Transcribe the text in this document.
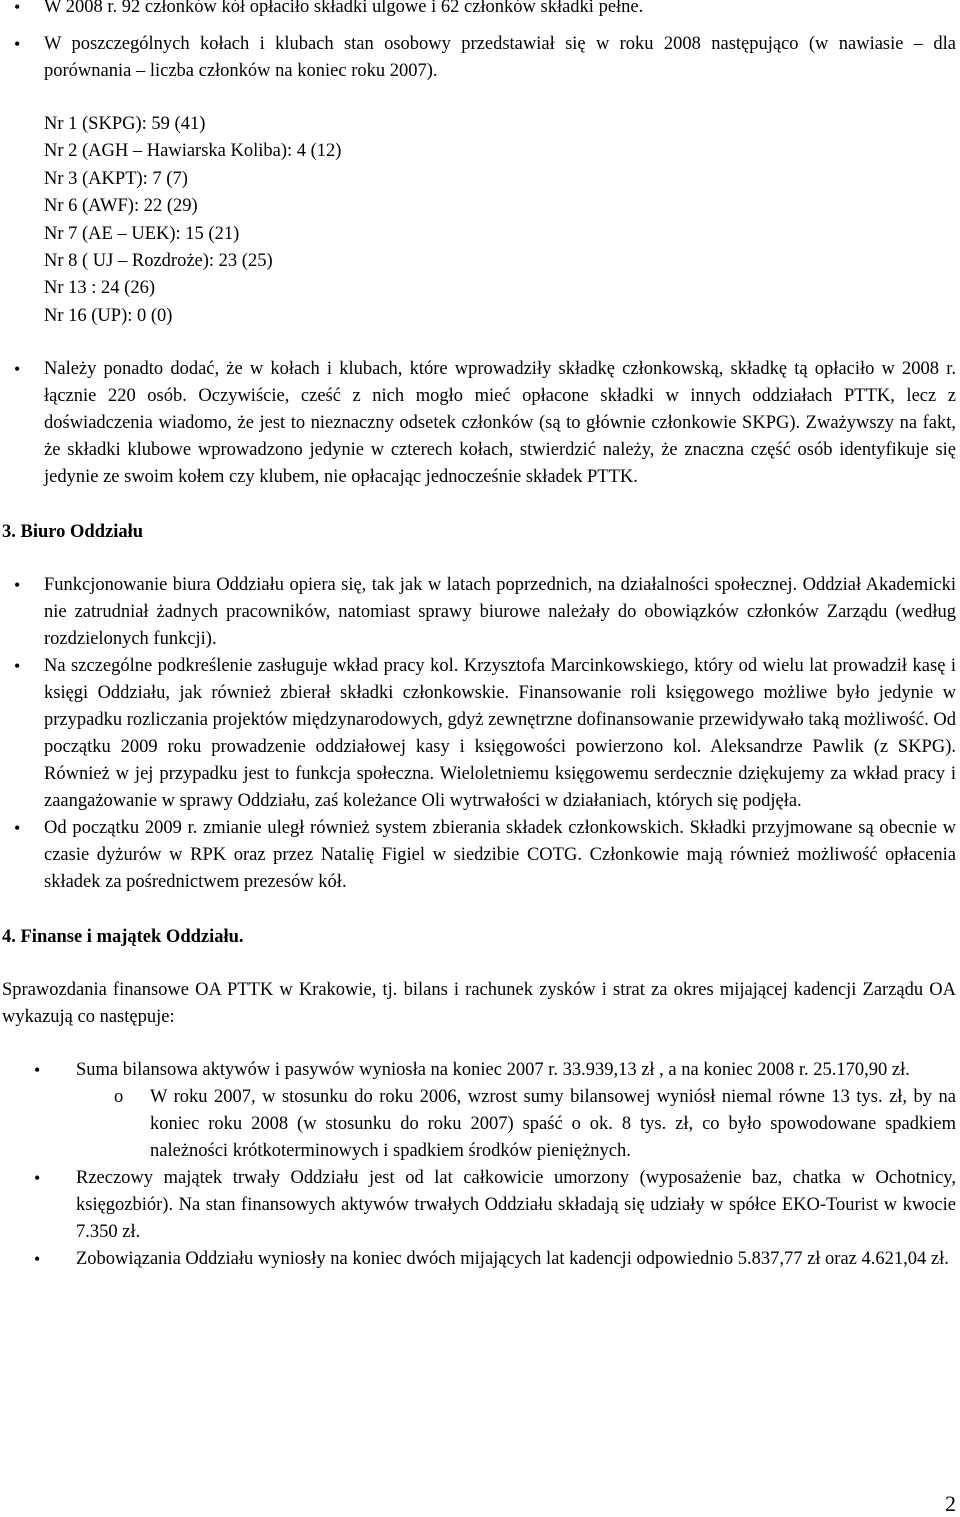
• W 2008 r. 92 członków kół opłaciło składki ulgowe i 62 członków składki pełne.

• W poszczególnych kołach i klubach stan osobowy przedstawiał się w roku 2008 następująco (w nawiasie – dla porównania – liczba członków na koniec roku 2007).

Nr 1 (SKPG): 59 (41)
Nr 2 (AGH – Hawiarska Koliba): 4 (12)
Nr 3 (AKPT): 7 (7)
Nr 6 (AWF): 22 (29)
Nr 7 (AE – UEK): 15 (21)
Nr 8 ( UJ – Rozdroże): 23 (25)
Nr 13 : 24 (26)
Nr 16 (UP): 0 (0)

• Należy ponadto dodać, że w kołach i klubach, które wprowadziły składkę członkowską, składkę tą opłaciło w 2008 r. łącznie 220 osób. Oczywiście, cześć z nich mogło mieć opłacone składki w innych oddziałach PTTK, lecz z doświadczenia wiadomo, że jest to nieznaczny odsetek członków (są to głównie członkowie SKPG). Zważywszy na fakt, że składki klubowe wprowadzono jedynie w czterech kołach, stwierdzić należy, że znaczna część osób identyfikuje się jedynie ze swoim kołem czy klubem, nie opłacając jednocześnie składek PTTK.

3. Biuro Oddziału

• Funkcjonowanie biura Oddziału opiera się, tak jak w latach poprzednich, na działalności społecznej. Oddział Akademicki nie zatrudniał żadnych pracowników, natomiast sprawy biurowe należały do obowiązków członków Zarządu (według rozdzielonych funkcji).

• Na szczególne podkreślenie zasługuje wkład pracy kol. Krzysztofa Marcinkowskiego, który od wielu lat prowadził kasę i księgi Oddziału, jak również zbierał składki członkowskie. Finansowanie roli księgowego możliwe było jedynie w przypadku rozliczania projektów międzynarodowych, gdyż zewnętrzne dofinansowanie przewidywało taką możliwość. Od początku 2009 roku prowadzenie oddziałowej kasy i księgowości powierzono kol. Aleksandrze Pawlik (z SKPG). Również w jej przypadku jest to funkcja społeczna. Wieloletniemu księgowemu serdecznie dziękujemy za wkład pracy i zaangażowanie w sprawy Oddziału, zaś koleżance Oli wytrwałości w działaniach, których się podjęła.

• Od początku 2009 r. zmianie uległ również system zbierania składek członkowskich. Składki przyjmowane są obecnie w czasie dyżurów w RPK oraz przez Natalię Figiel w siedzibie COTG. Członkowie mają również możliwość opłacenia składek za pośrednictwem prezesów kół.

4. Finanse i majątek Oddziału.

Sprawozdania finansowe OA PTTK w Krakowie, tj. bilans i rachunek zysków i strat za okres mijającej kadencji Zarządu OA wykazują co następuje:

• Suma bilansowa aktywów i pasywów wyniosła na koniec 2007 r. 33.939,13 zł , a na koniec 2008 r. 25.170,90 zł.

o W roku 2007, w stosunku do roku 2006, wzrost sumy bilansowej wyniósł niemal równe 13 tys. zł, by na koniec roku 2008 (w stosunku do roku 2007) spaść o ok. 8 tys. zł, co było spowodowane spadkiem należności krótkoterminowych i spadkiem środków pieniężnych.

• Rzeczowy majątek trwały Oddziału jest od lat całkowicie umorzony (wyposażenie baz, chatka w Ochotnicy, księgozbiór). Na stan finansowych aktywów trwałych Oddziału składają się udziały w spółce EKO-Tourist w kwocie 7.350 zł.

• Zobowiązania Oddziału wyniosły na koniec dwóch mijających lat kadencji odpowiednio 5.837,77 zł oraz 4.621,04 zł.

2
